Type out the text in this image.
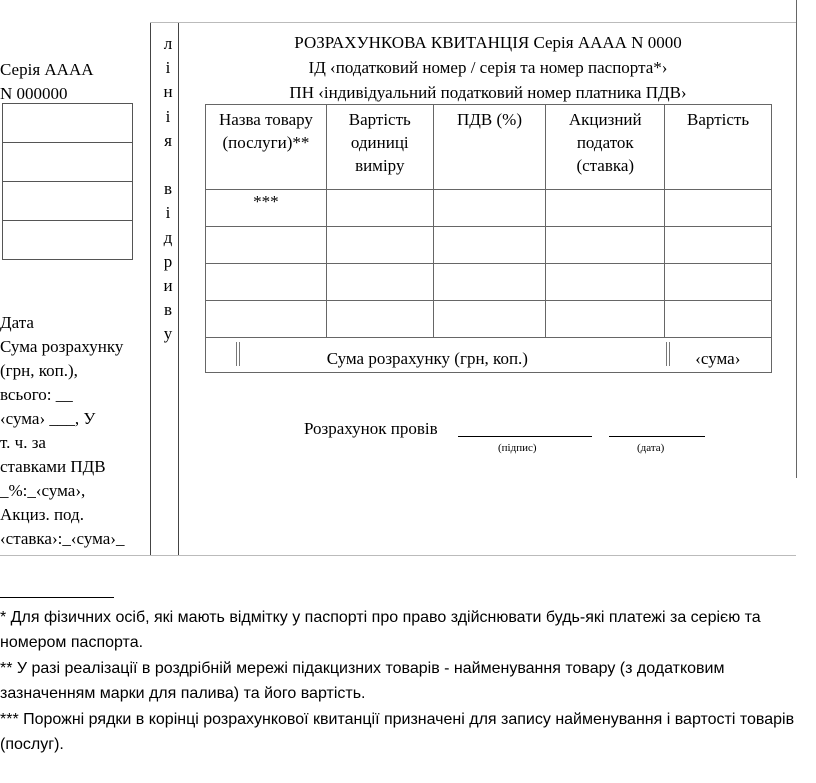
Серія АААА
N 000000
Дата
Сума розрахунку
(грн, коп.),
всього: __
‹сума› ___, У
т. ч. за
ставками ПДВ
_%:_‹сума›,
Акциз. под.
‹ставка›:_‹сума›_
л
і
н
і
я

в
і
д
р
и
в
у
РОЗРАХУНКОВА КВИТАНЦІЯ Серія АААА N 0000
ІД ‹податковий номер / серія та номер паспорта*›
ПН ‹індивідуальний податковий номер платника ПДВ›
Назва товару (послуги)**	Вартість одиниці виміру	ПДВ (%)	Акцизний податок (ставка)	Вартість
***				

Сума розрахунку (грн, коп.)				‹сума›
Розрахунок провів
(підпис)	(дата)

* Для фізичних осіб, які мають відмітку у паспорті про право здійснювати будь-які платежі за серією та номером паспорта.

** У разі реалізації в роздрібній мережі підакцизних товарів - найменування товару (з додатковим зазначенням марки для палива) та його вартість.

*** Порожні рядки в корінці розрахункової квитанції призначені для запису найменування і вартості товарів (послуг).
